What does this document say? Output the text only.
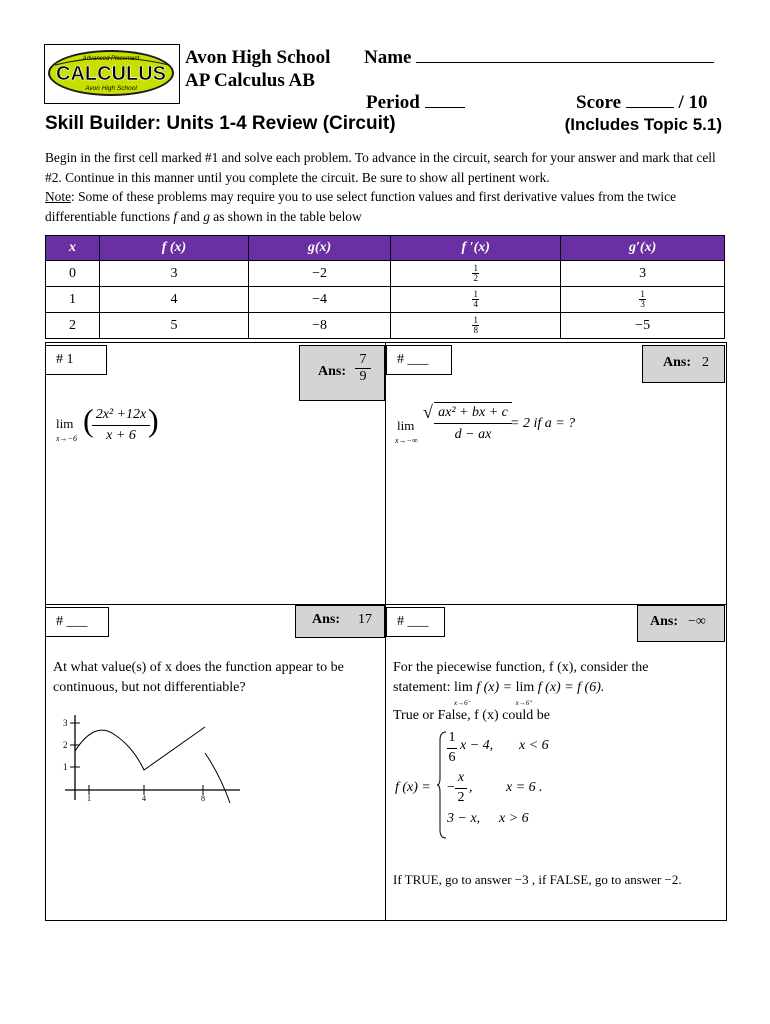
Advanced Placement
CALCULUS
Avon High School
Avon High School
AP Calculus AB
Name
Period	Score	/ 10
Skill Builder: Units 1-4 Review (Circuit)	(Includes Topic 5.1)
Begin in the first cell marked #1 and solve each problem. To advance in the circuit, search for your answer and mark that cell #2. Continue in this manner until you complete the circuit. Be sure to show all pertinent work.
Note: Some of these problems may require you to use select function values and first derivative values from the twice differentiable functions f and g as shown in the table below
x	f (x)	g(x)	f ′(x)	g′(x)
0	3	−2	$\frac{1}{2}$	3
1	4	−4	$\frac{1}{4}$	$\frac{1}{3}$

2	5	−8	$\frac{1}{8}$	−5
# 1
Ans:
7
9
lim
x→−6
( 2x² +12x
x + 6 )
# ___	Ans: 2
lim
x→−∞
√ ax² + bx + c
d − ax
= 2 if a = ?
# ___	Ans: 17
At what value(s) of x does the function appear to be continuous, but not differentiable?
3
2
1
1	4	8
# ___	Ans: −∞
For the piecewise function, f (x), consider the
statement: lim
x→6⁻
f (x) = lim
x→6⁺
f (x) = f (6).
True or False, f (x) could be
f (x) =
1
6
x − 4, x < 6
−
x
2
, x = 6 .
3 − x, x > 6
If TRUE, go to answer −3 , if FALSE, go to answer −2.
